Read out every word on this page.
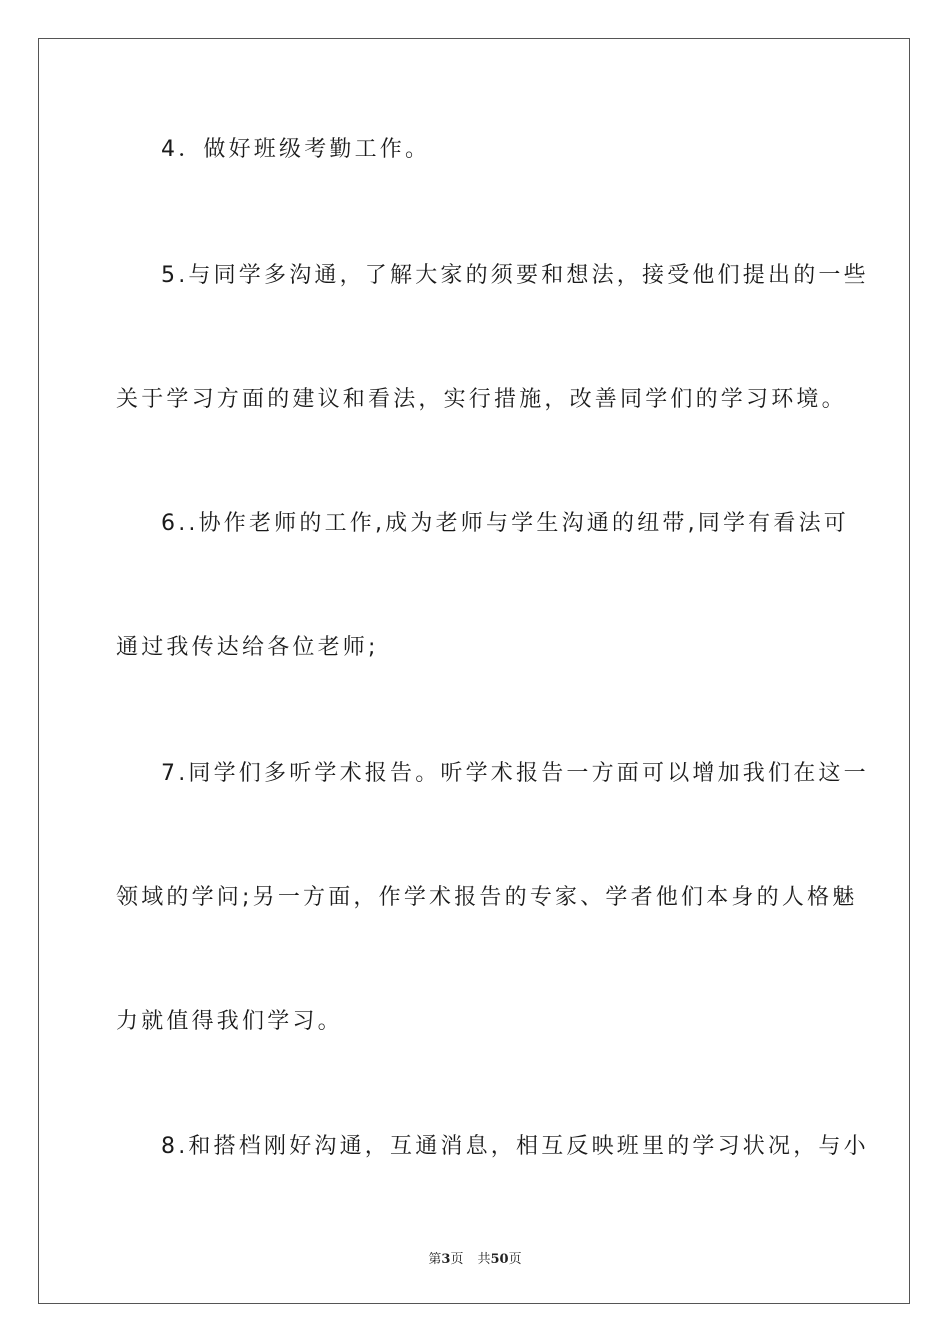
4．做好班级考勤工作。
5.与同学多沟通，了解大家的须要和想法，接受他们提出的一些
关于学习方面的建议和看法，实行措施，改善同学们的学习环境。
6..协作老师的工作,成为老师与学生沟通的纽带,同学有看法可
通过我传达给各位老师;
7.同学们多听学术报告。听学术报告一方面可以增加我们在这一
领域的学问;另一方面，作学术报告的专家、学者他们本身的人格魅
力就值得我们学习。
8.和搭档刚好沟通，互通消息，相互反映班里的学习状况，与小
第3页 共50页
